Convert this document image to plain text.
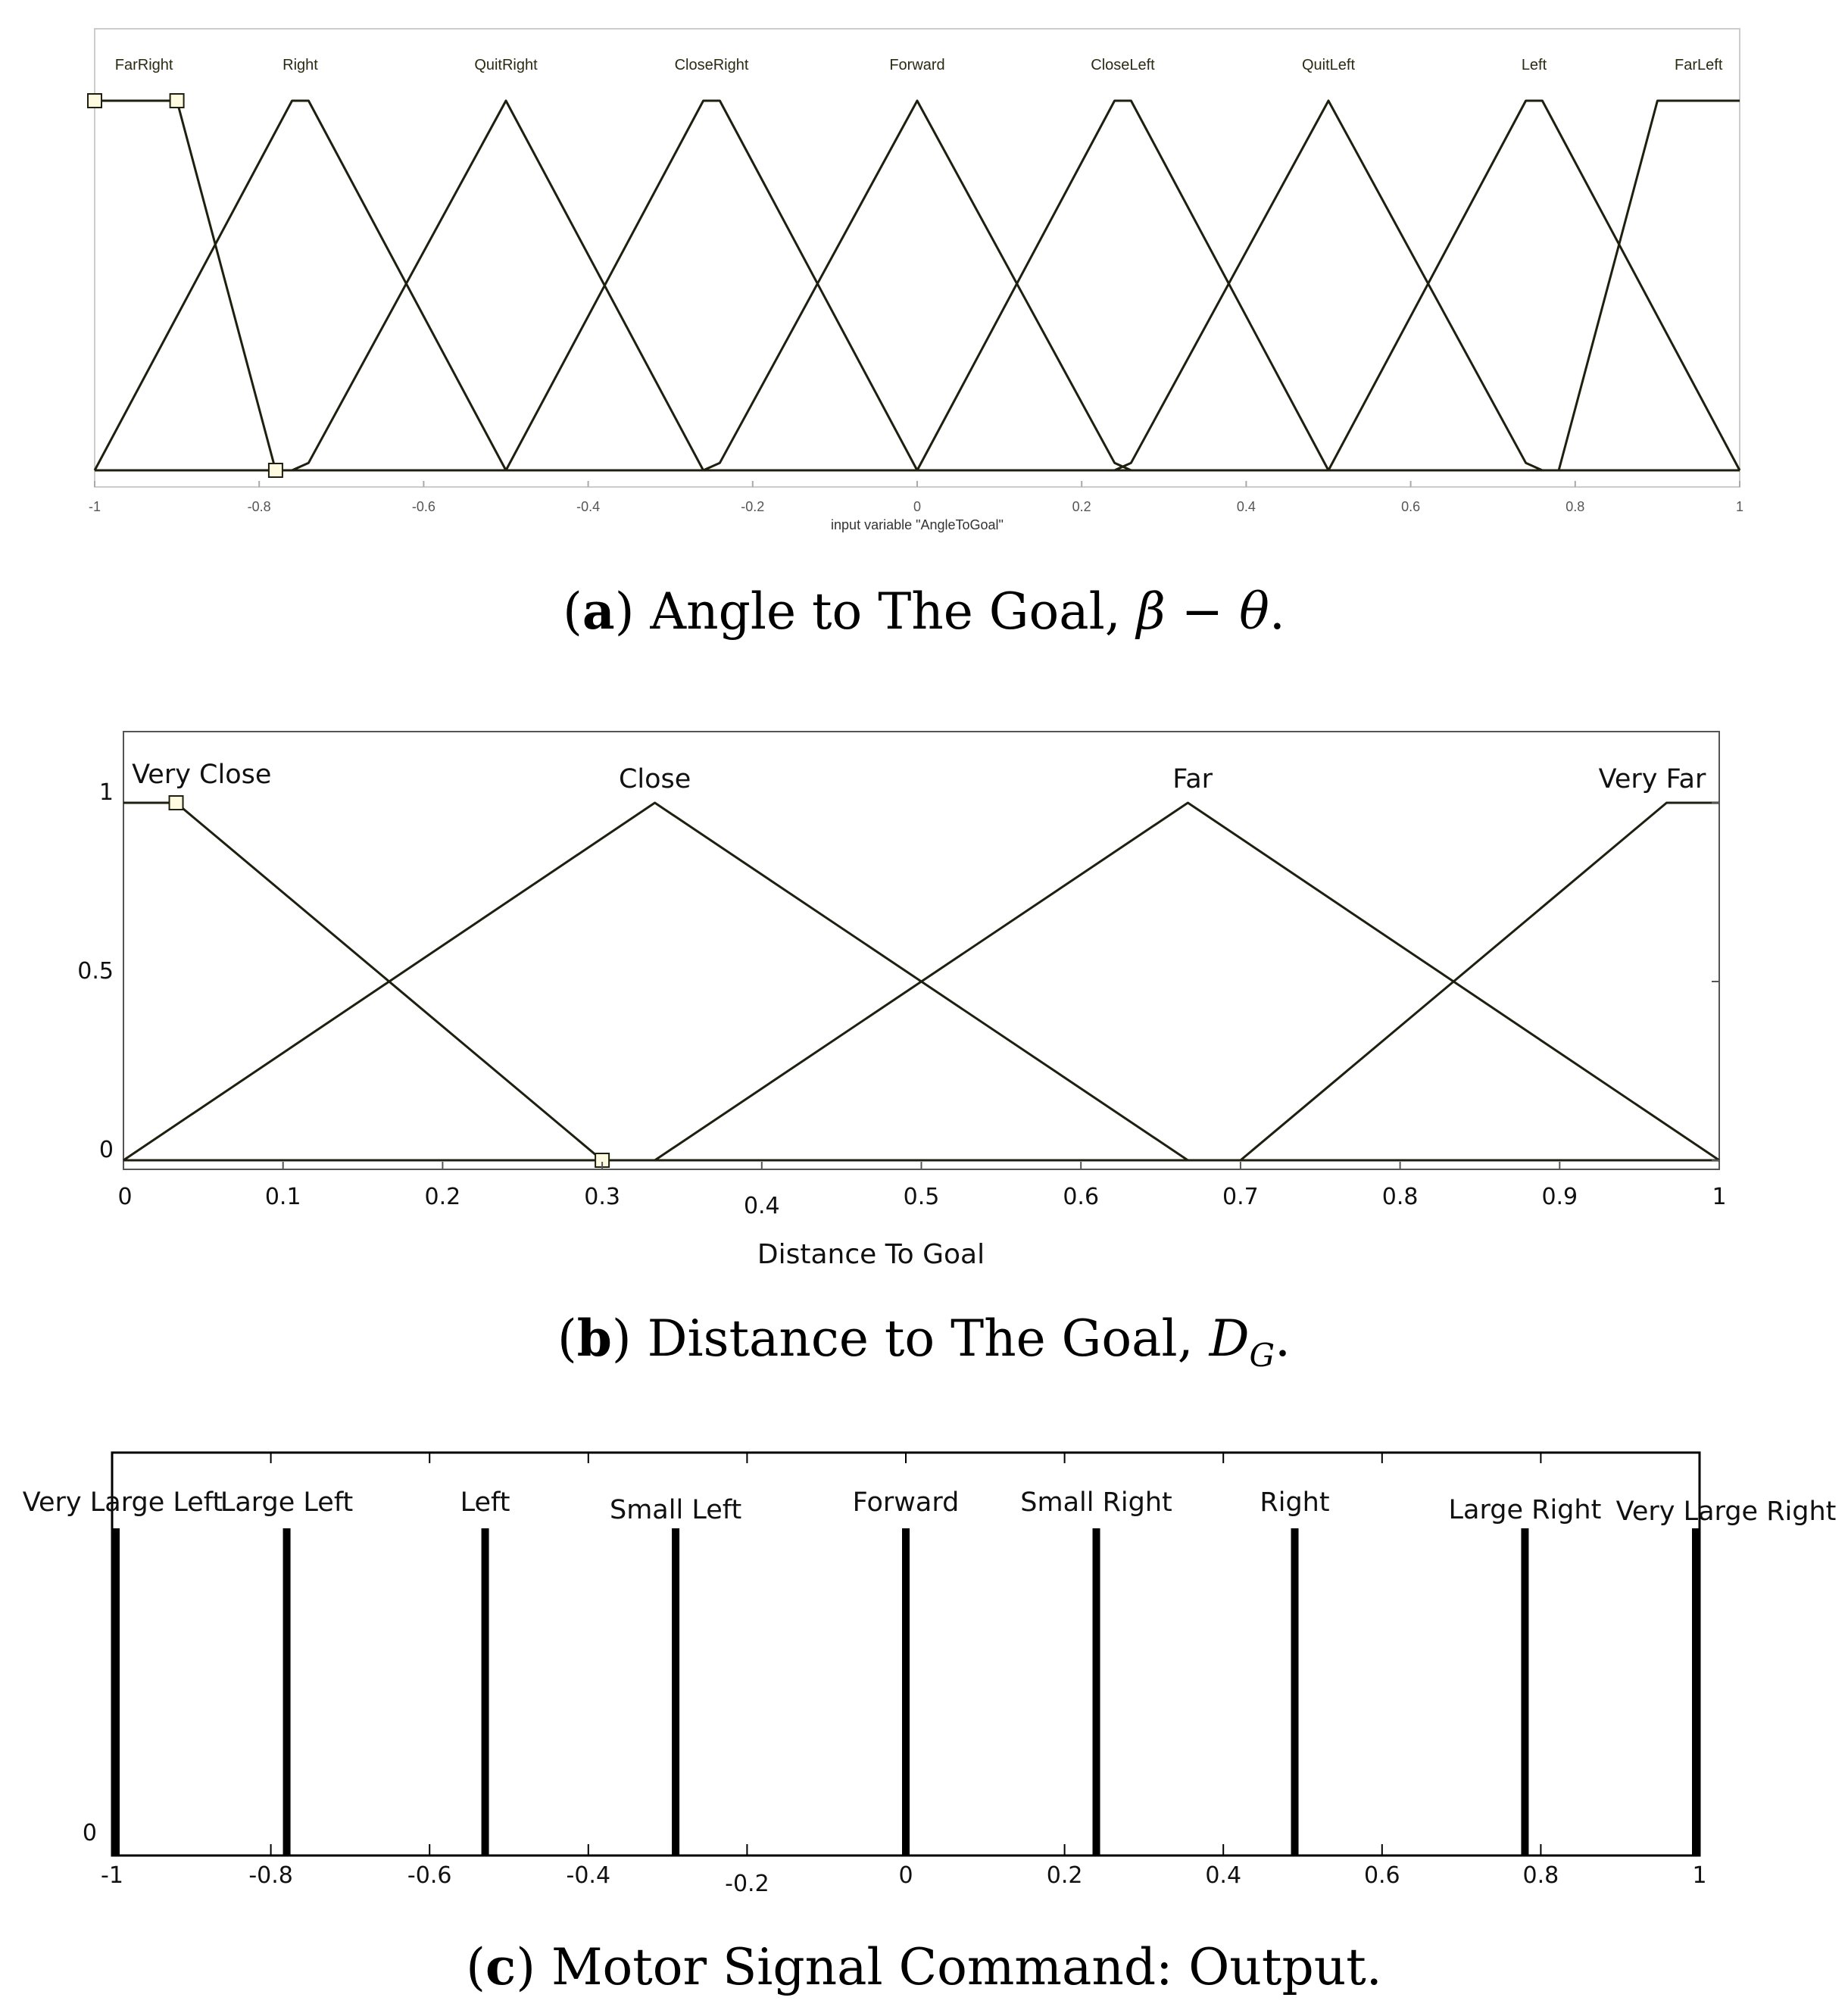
FarRight	Right	QuitRight	CloseRight	Forward	CloseLeft	QuitLeft	Left	FarLeft
-1	-0.8	-0.6	-0.4	-0.2	0	0.2	0.4	0.6	0.8	1
input variable "AngleToGoal"
(a) Angle to The Goal, β − θ.
Very Close	Close	Far	Very Far
0	0.1	0.2	0.3	0.4	0.5	0.6	0.7	0.8	0.9	1
0
0.5
1
Distance To Goal
(b) Distance to The Goal, $D_G$.
Very Large Left
Large Left	Left	Small Left	Forward Small Right	Right	Large Right Very Large Right
-1	-0.8	-0.6	-0.4	-0.2	0	0.2	0.4	0.6	0.8	1
0
(c) Motor Signal Command: Output.
